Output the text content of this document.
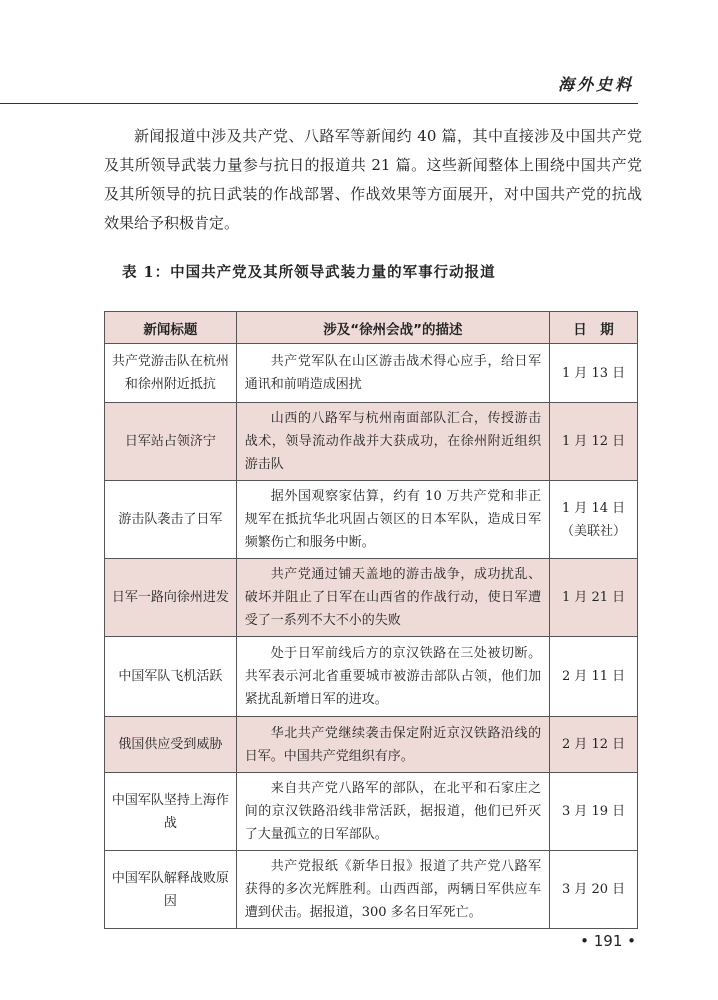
海外史料

新闻报道中涉及共产党、八路军等新闻约 40 篇，其中直接涉及中国共产党及其所领导武装力量参与抗日的报道共 21 篇。这些新闻整体上围绕中国共产党及其所领导的抗日武装的作战部署、作战效果等方面展开，对中国共产党的抗战效果给予积极肯定。

表 1：中国共产党及其所领导武装力量的军事行动报道

新闻标题	涉及“徐州会战”的描述	日　期
共产党游击队在杭州和徐州附近抵抗	共产党军队在山区游击战术得心应手，给日军通讯和前哨造成困扰	1 月 13 日
日军站占领济宁	山西的八路军与杭州南面部队汇合，传授游击战术，领导流动作战并大获成功，在徐州附近组织游击队	1 月 12 日
游击队袭击了日军	据外国观察家估算，约有 10 万共产党和非正规军在抵抗华北巩固占领区的日本军队，造成日军频繁伤亡和服务中断。	1 月 14 日（美联社）
日军一路向徐州进发	共产党通过铺天盖地的游击战争，成功扰乱、破坏并阻止了日军在山西省的作战行动，使日军遭受了一系列不大不小的失败	1 月 21 日
中国军队飞机活跃	处于日军前线后方的京汉铁路在三处被切断。共军表示河北省重要城市被游击部队占领，他们加紧扰乱新增日军的进攻。	2 月 11 日
俄国供应受到威胁	华北共产党继续袭击保定附近京汉铁路沿线的日军。中国共产党组织有序。	2 月 12 日
中国军队坚持上海作战	来自共产党八路军的部队，在北平和石家庄之间的京汉铁路沿线非常活跃，据报道，他们已歼灭了大量孤立的日军部队。	3 月 19 日
中国军队解释战败原因	共产党报纸《新华日报》报道了共产党八路军获得的多次光辉胜利。山西西部，两辆日军供应车遭到伏击。据报道，300 多名日军死亡。	3 月 20 日
• 191 •
